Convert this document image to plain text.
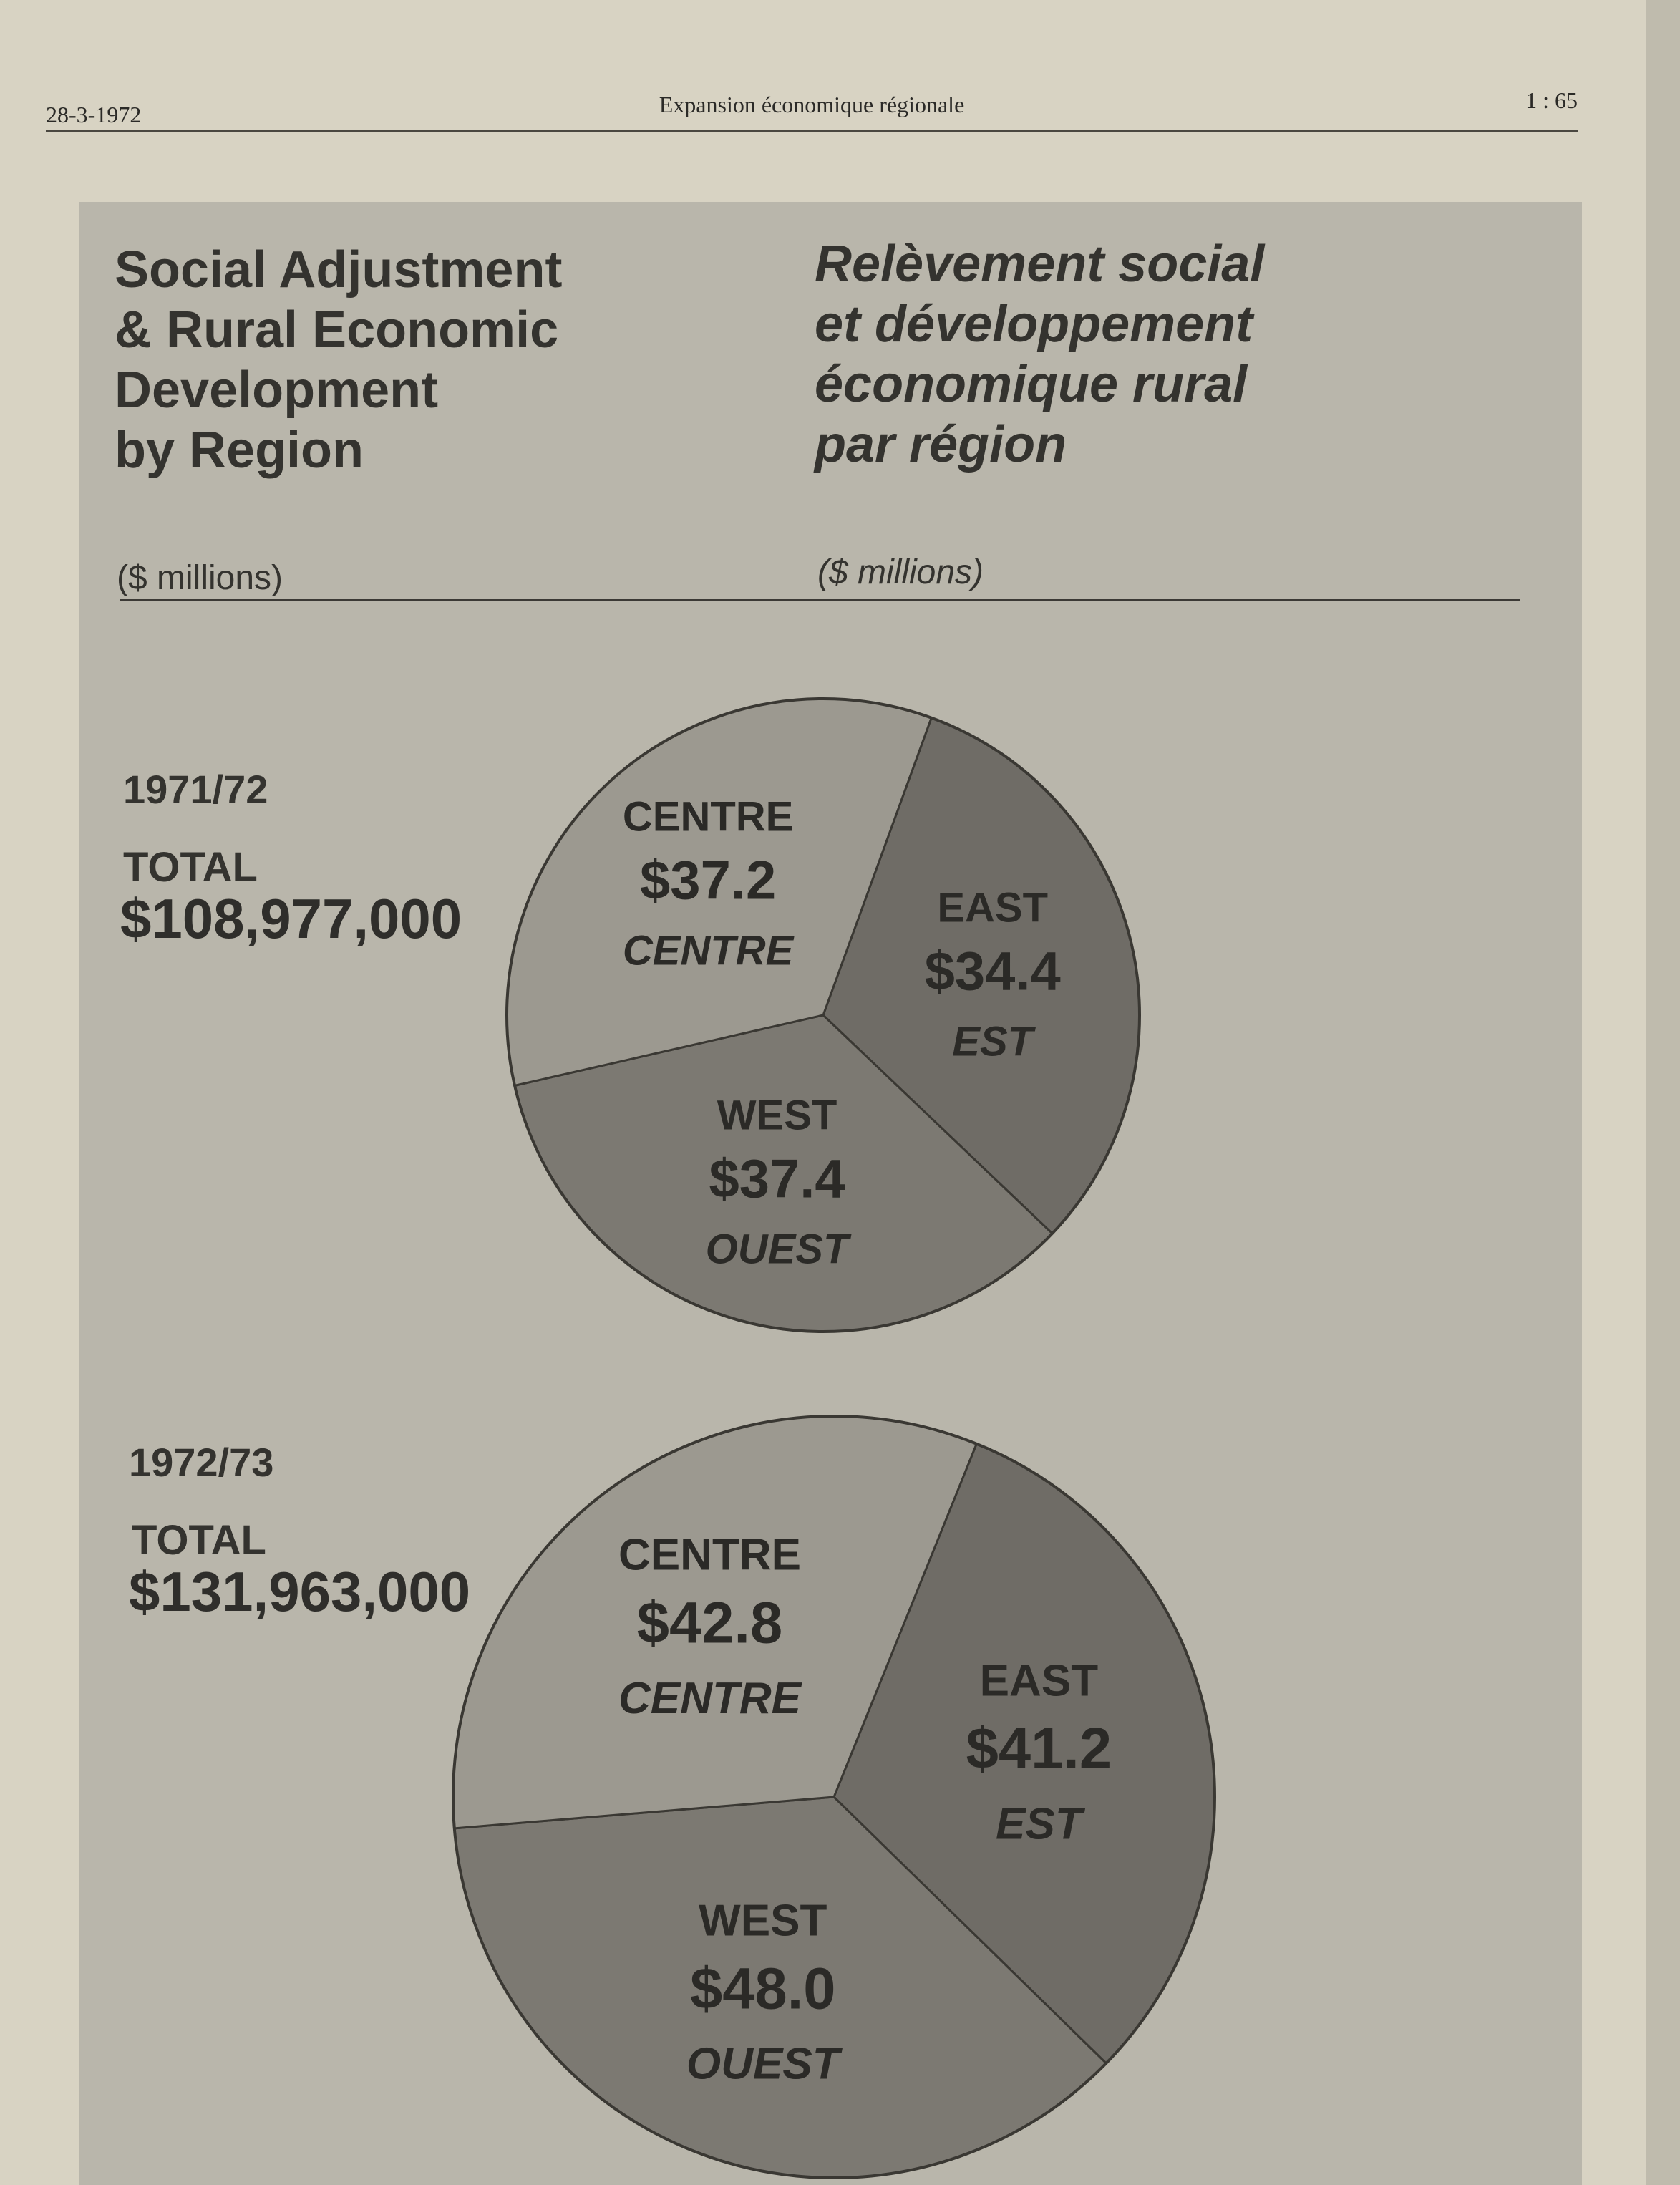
28-3-1972	Expansion économique régionale	1 : 65
Social Adjustment
& Rural Economic
Development
by Region
Relèvement social
et développement
économique rural
par région
($ millions)	($ millions)
1971/72
TOTAL
$108,977,000
1972/73
TOTAL
$131,963,000
EAST
$34.4
EST
WEST
$37.4
OUEST
CENTRE
$37.2
CENTRE
EAST
$41.2
EST
WEST
$48.0
OUEST
CENTRE
$42.8
CENTRE
